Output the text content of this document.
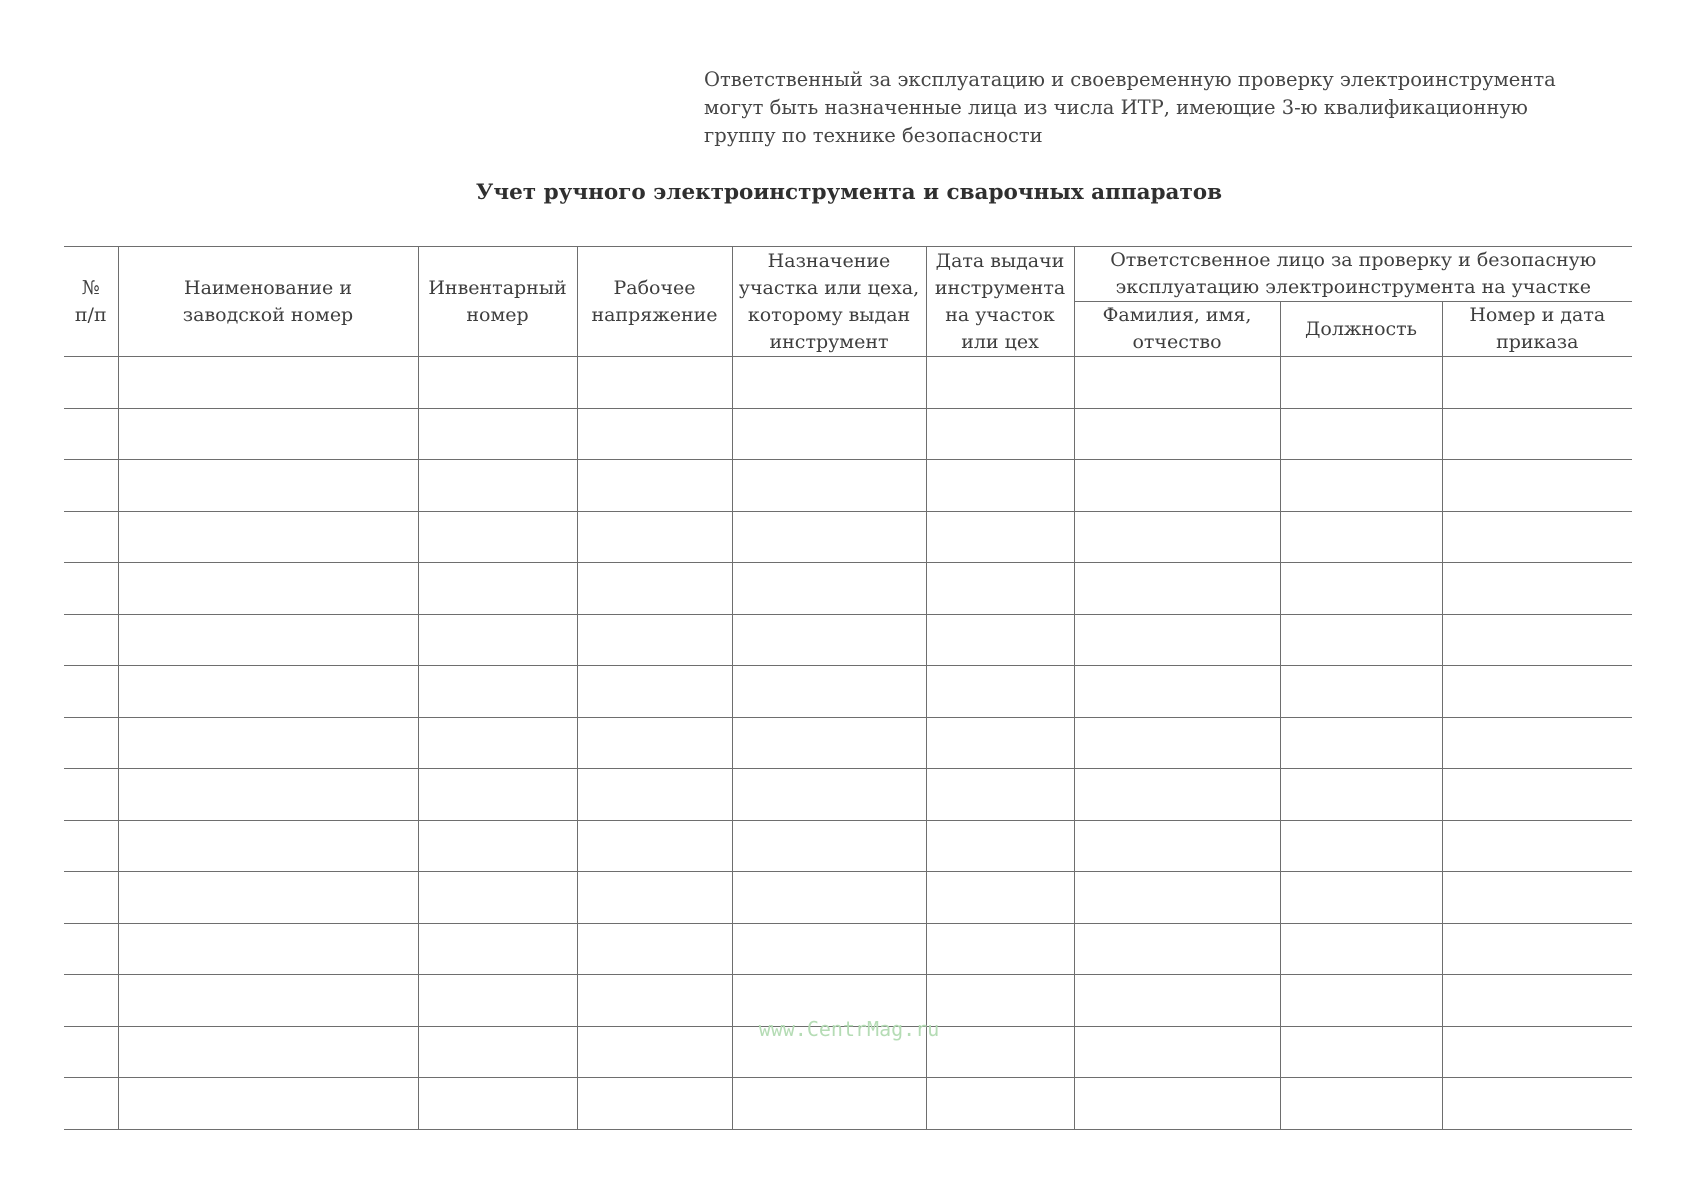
Ответственный за эксплуатацию и своевременную проверку электроинструмента
могут быть назначенные лица из числа ИТР, имеющие 3-ю квалификационную
группу по технике безопасности
Учет ручного электроинструмента и сварочных аппаратов
№ п/п	Наименование и заводской номер	Инвентарный номер	Рабочее напряжение	Назначение участка или цеха, которому выдан инструмент	Дата выдачи инструмента на участок или цех	Ответстсвенное лицо за проверку и безопасную эксплуатацию электроинструмента на участке		
						Фамилия, имя, отчество	Должность	Номер и дата приказа

www.CentrMag.ru
